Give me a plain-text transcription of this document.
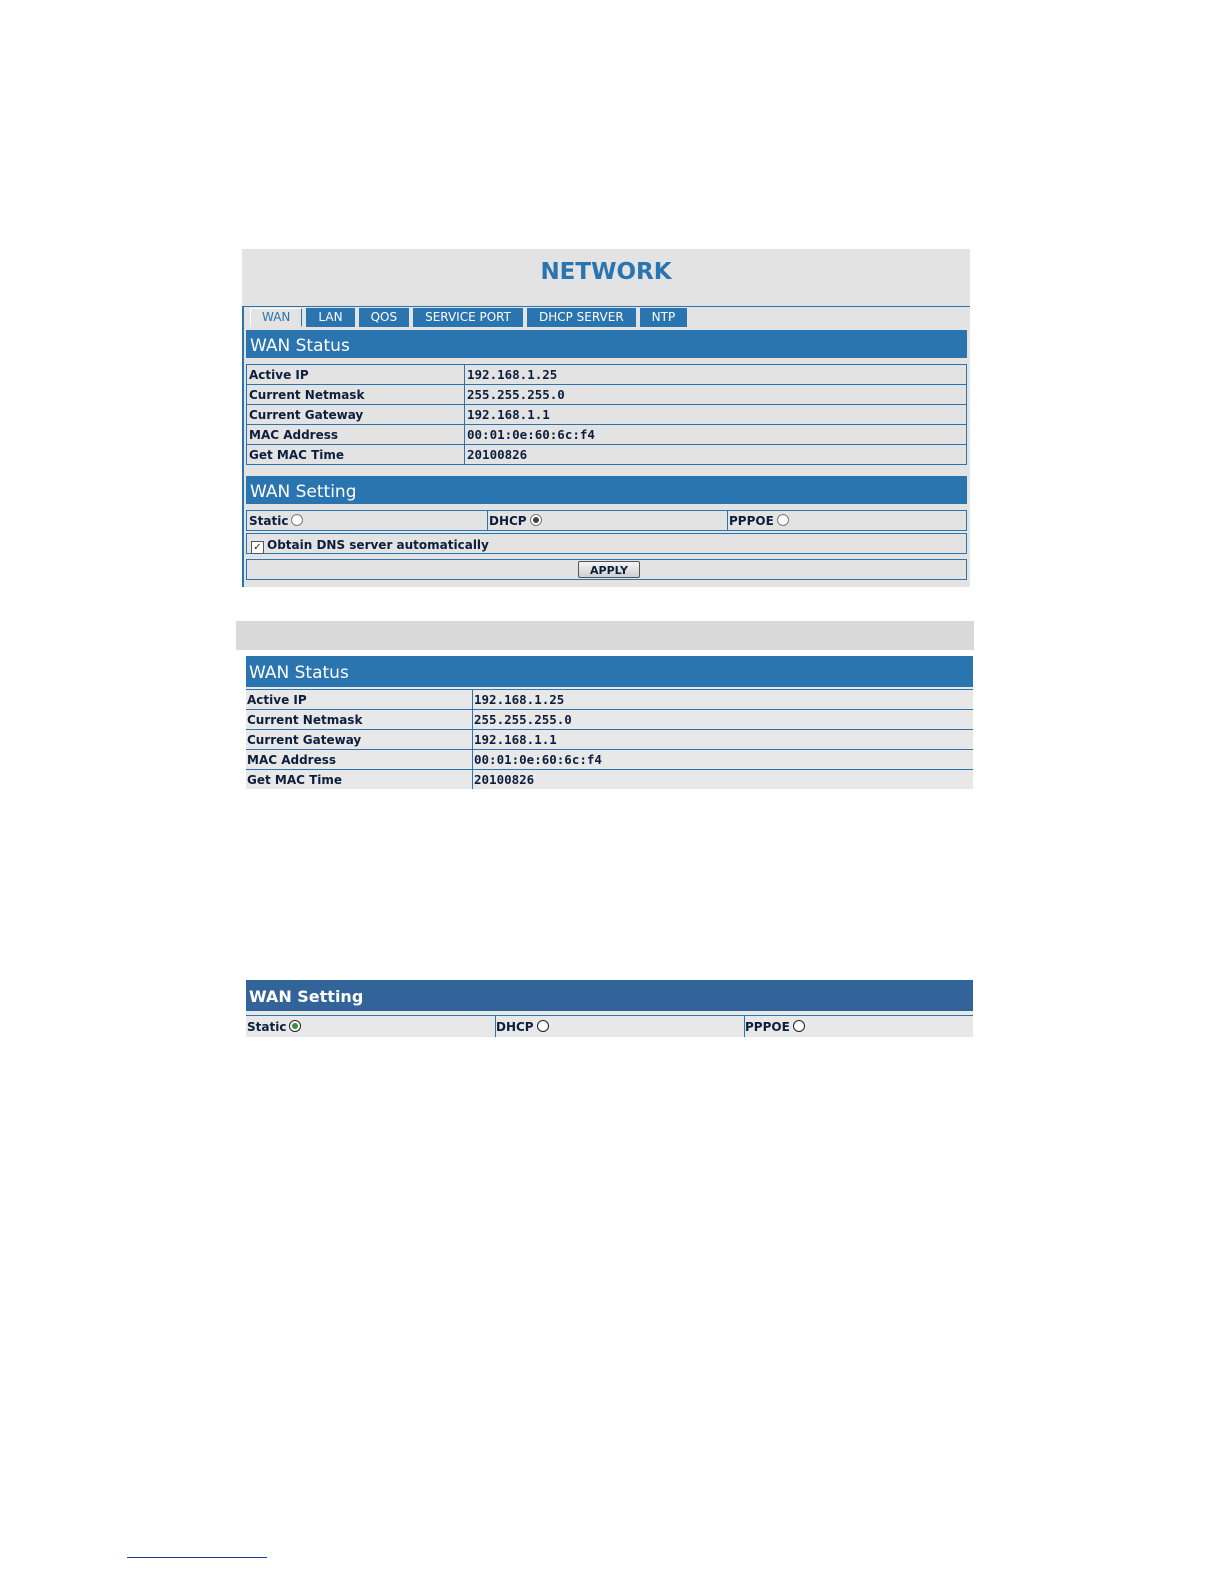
NETWORK
WAN	LAN	QOS	SERVICE PORT	DHCP SERVER	NTP
WAN Status
Active IP	192.168.1.25
Current Netmask	255.255.255.0
Current Gateway	192.168.1.1
MAC Address	00:01:0e:60:6c:f4
Get MAC Time	20100826
WAN Setting
Static	DHCP	PPPOE
✓ Obtain DNS server automatically
APPLY
WAN Status
Active IP	192.168.1.25
Current Netmask	255.255.255.0
Current Gateway	192.168.1.1
MAC Address	00:01:0e:60:6c:f4
Get MAC Time	20100826
WAN Setting
Static	DHCP	PPPOE
